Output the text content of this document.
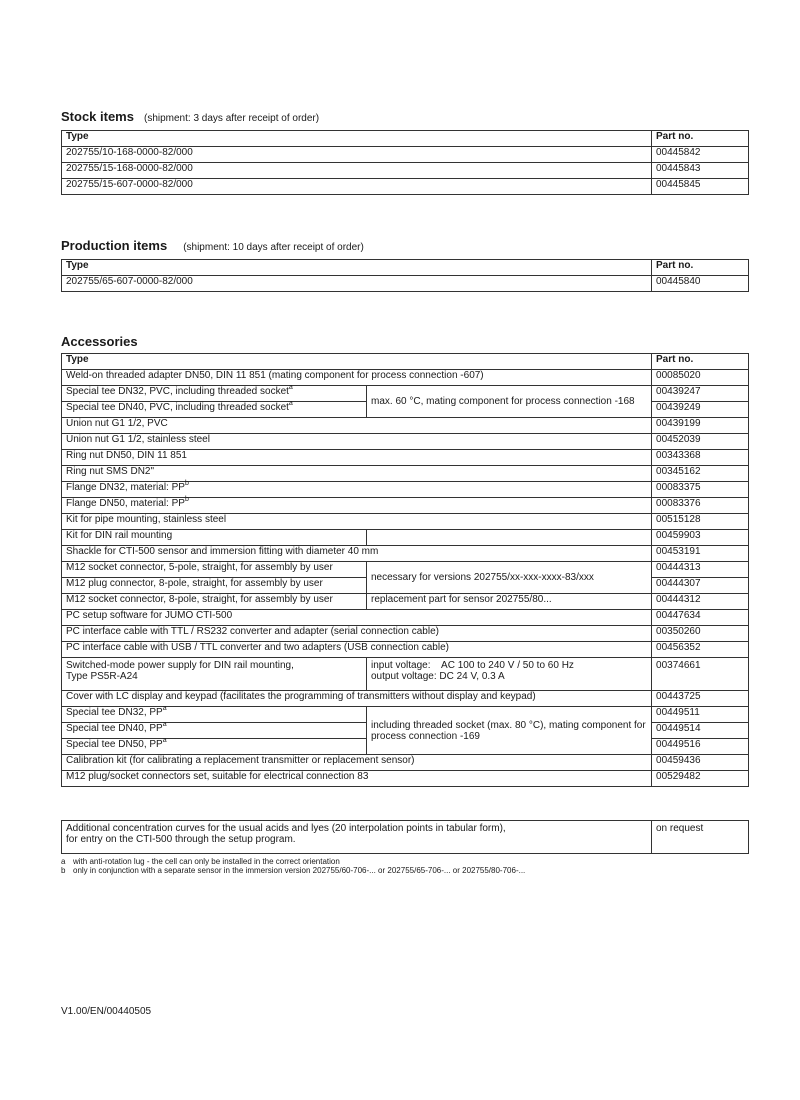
Stock items (shipment: 3 days after receipt of order)
Type	Part no.
202755/10-168-0000-82/000	00445842
202755/15-168-0000-82/000	00445843
202755/15-607-0000-82/000	00445845
Production items (shipment: 10 days after receipt of order)
Type	Part no.
202755/65-607-0000-82/000	00445840
Accessories
Type		Part no.
Weld-on threaded adapter DN50, DIN 11 851 (mating component for process connection -607)		00085020
Special tee DN32, PVC, including threaded socket$^a$	max. 60 °C, mating component for process connection -168	00439247
Special tee DN40, PVC, including threaded socket$^a$		00439249
Union nut G1 1/2, PVC		00439199
Union nut G1 1/2, stainless steel		00452039
Ring nut DN50, DIN 11 851		00343368
Ring nut SMS DN2"		00345162
Flange DN32, material: $PP^b$		00083375
Flange DN50, material: $PP^b$		00083376
Kit for pipe mounting, stainless steel		00515128
Kit for DIN rail mounting		00459903
Shackle for CTI-500 sensor and immersion fitting with diameter 40 mm		00453191
M12 socket connector, 5-pole, straight, for assembly by user	necessary for versions 202755/xx-xxx-xxxx-83/xxx	00444313
M12 plug connector, 8-pole, straight, for assembly by user		00444307
M12 socket connector, 8-pole, straight, for assembly by user	replacement part for sensor 202755/80...	00444312
PC setup software for JUMO CTI-500		00447634
PC interface cable with TTL / RS232 converter and adapter (serial connection cable)		00350260
PC interface cable with USB / TTL converter and two adapters (USB connection cable)		00456352
Switched-mode power supply for DIN rail mounting,
Type PS5R-A24	input voltage:    AC 100 to 240 V / 50 to 60 Hz
output voltage: DC 24 V, 0.3 A	00374661
Cover with LC display and keypad (facilitates the programming of transmitters without display and keypad)		00443725
Special tee DN32, $PP^a$	including threaded socket (max. 80 °C), mating component for process connection -169	00449511
Special tee DN40, $PP^a$		00449514
Special tee DN50, $PP^a$		00449516
Calibration kit (for calibrating a replacement transmitter or replacement sensor)		00459436
M12 plug/socket connectors set, suitable for electrical connection 83		00529482
Additional concentration curves for the usual acids and lyes (20 interpolation points in tabular form),
for entry on the CTI-500 through the setup program.	on request
a with anti-rotation lug - the cell can only be installed in the correct orientation
b only in conjunction with a separate sensor in the immersion version 202755/60-706-... or 202755/65-706-... or 202755/80-706-...
V1.00/EN/00440505
